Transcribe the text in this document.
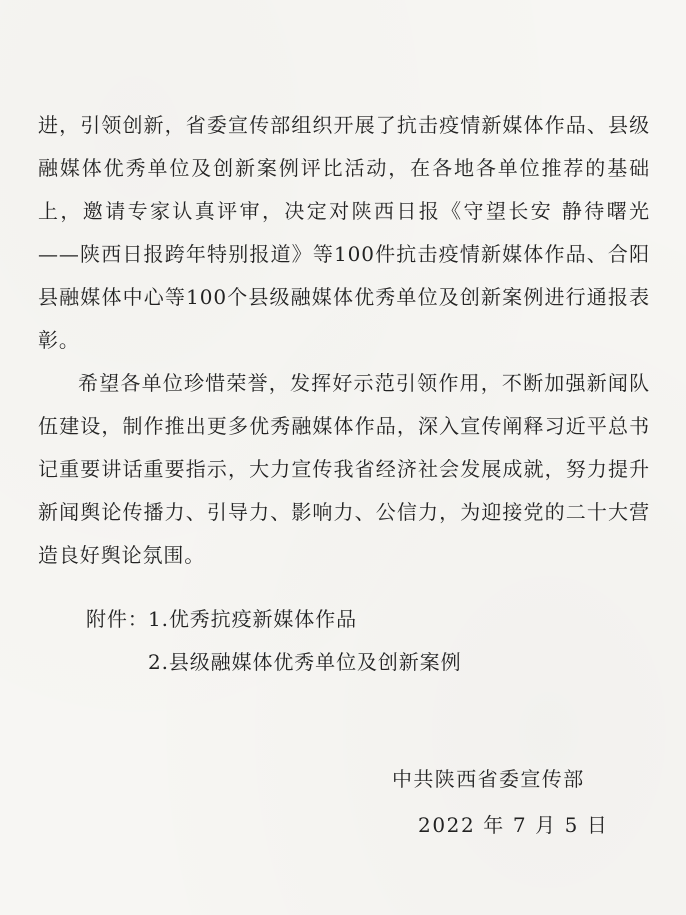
进，引领创新，省委宣传部组织开展了抗击疫情新媒体作品、县级融媒体优秀单位及创新案例评比活动，在各地各单位推荐的基础上，邀请专家认真评审，决定对陕西日报《守望长安 静待曙光——陕西日报跨年特别报道》等100件抗击疫情新媒体作品、合阳县融媒体中心等100个县级融媒体优秀单位及创新案例进行通报表彰。

希望各单位珍惜荣誉，发挥好示范引领作用，不断加强新闻队伍建设，制作推出更多优秀融媒体作品，深入宣传阐释习近平总书记重要讲话重要指示，大力宣传我省经济社会发展成就，努力提升新闻舆论传播力、引导力、影响力、公信力，为迎接党的二十大营造良好舆论氛围。

附件：1.优秀抗疫新媒体作品
2.县级融媒体优秀单位及创新案例
中共陕西省委宣传部
2022 年 7 月 5 日
